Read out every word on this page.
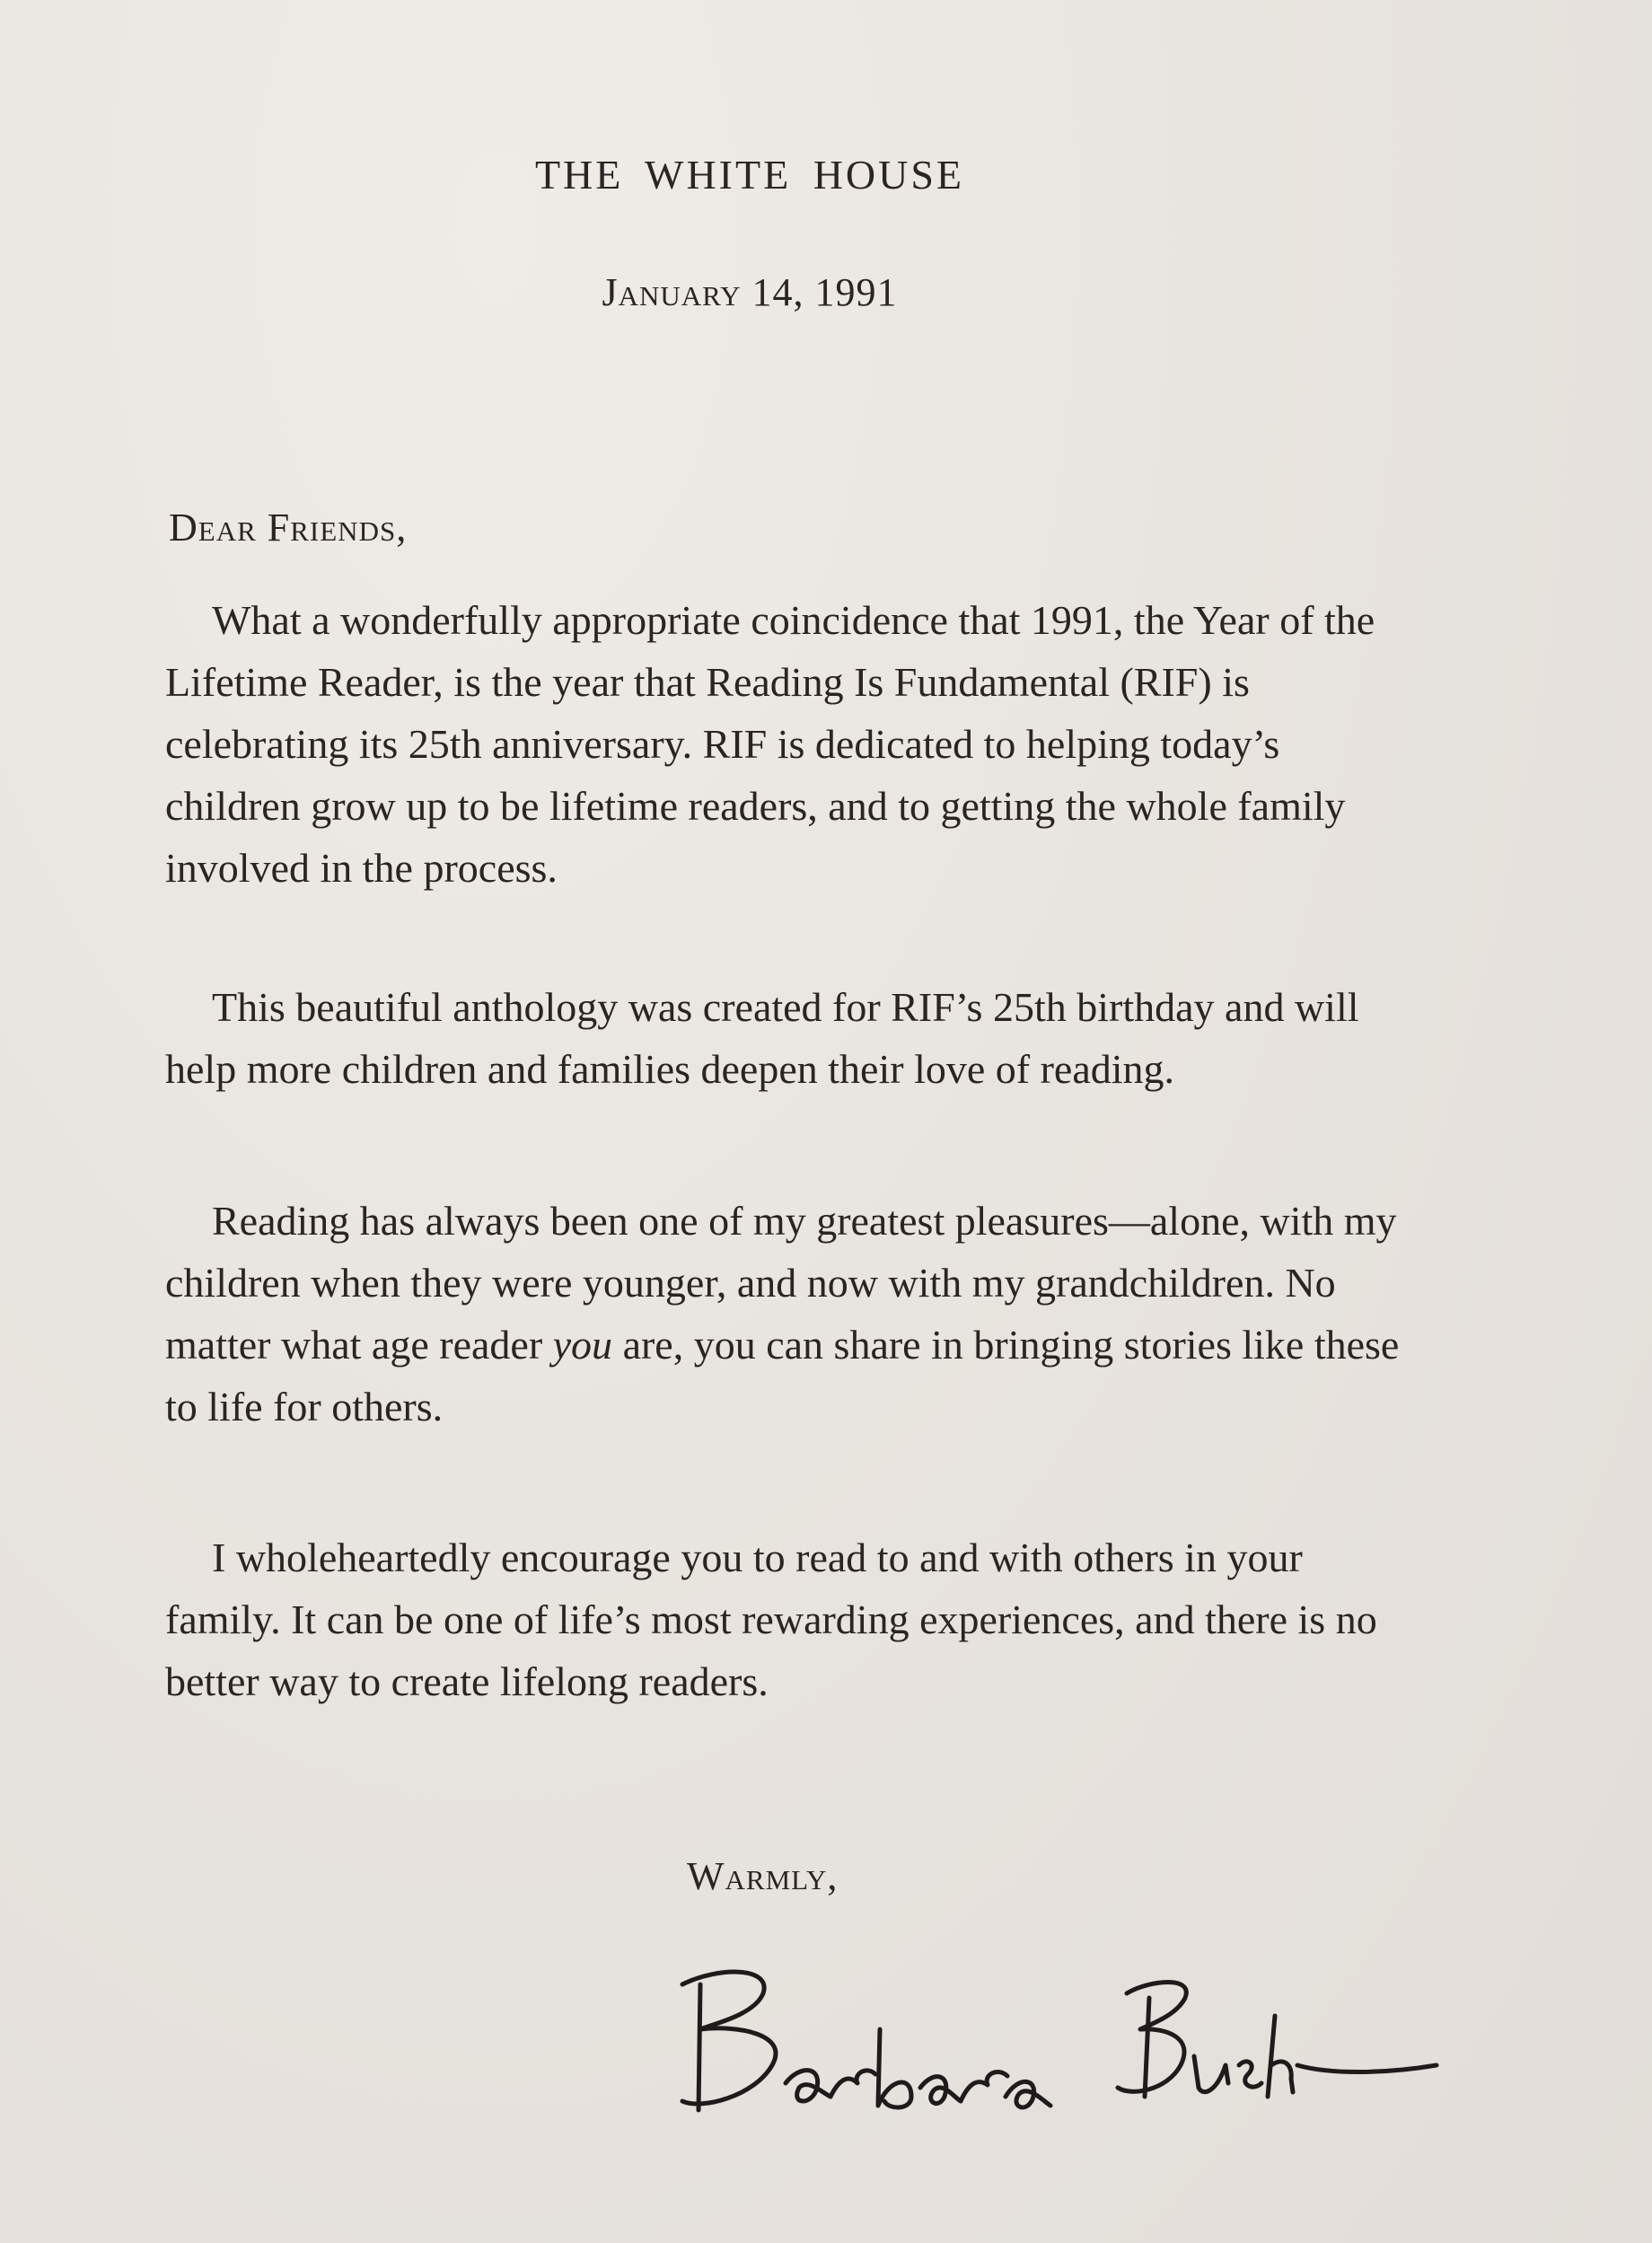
THE WHITE HOUSE
January 14, 1991
Dear Friends,

What a wonderfully appropriate coincidence that 1991, the Year of the Lifetime Reader, is the year that Reading Is Fundamental (RIF) is celebrating its 25th anniversary. RIF is dedicated to helping today’s children grow up to be lifetime readers, and to getting the whole family involved in the process.

This beautiful anthology was created for RIF’s 25th birthday and will help more children and families deepen their love of reading.

Reading has always been one of my greatest pleasures—alone, with my children when they were younger, and now with my grandchildren. No matter what age reader you are, you can share in bringing stories like these to life for others.

I wholeheartedly encourage you to read to and with others in your family. It can be one of life’s most rewarding experiences, and there is no better way to create lifelong readers.

Warmly,
